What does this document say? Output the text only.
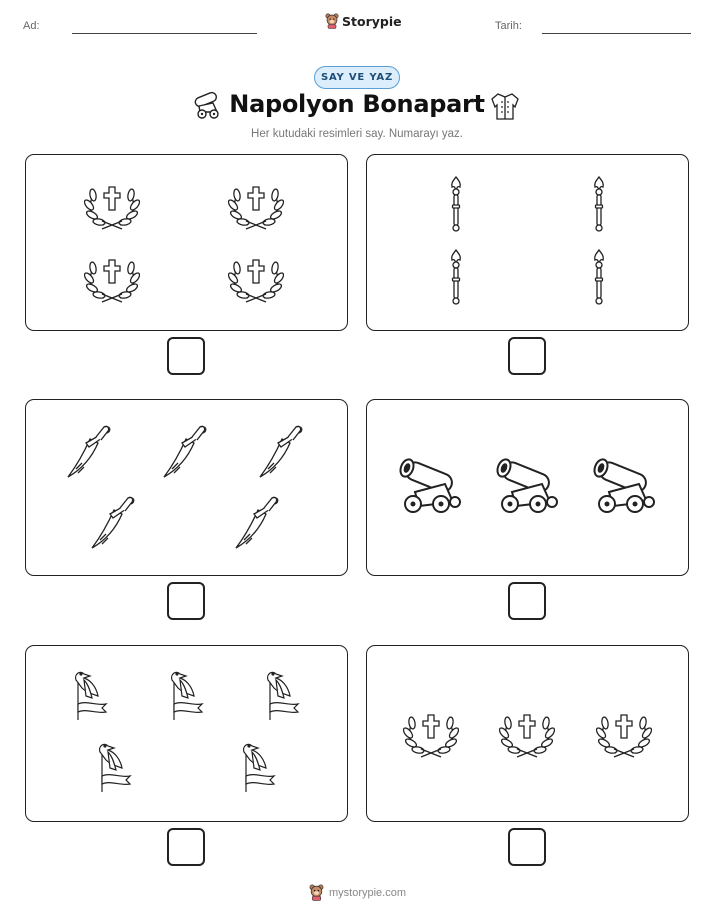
Ad:	Storypie	Tarih:
SAY VE YAZ
Napolyon Bonapart
Her kutudaki resimleri say. Numarayı yaz.
mystorypie.com
